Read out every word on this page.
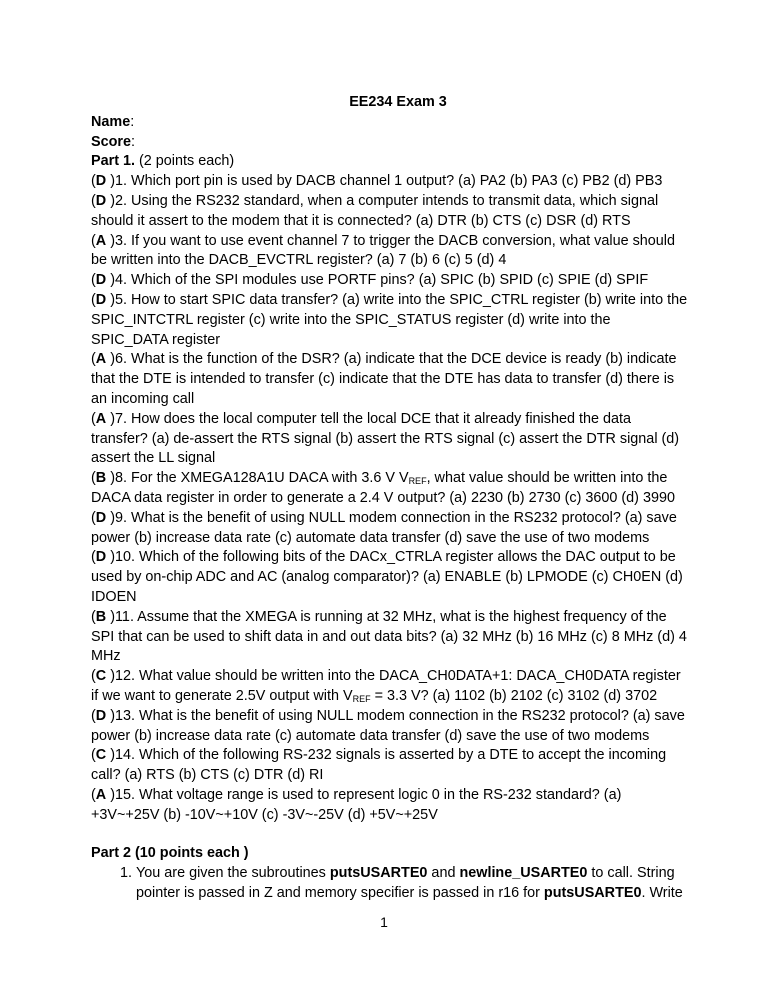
EE234 Exam 3

Name:

Score:

Part 1. (2 points each)

(D )1. Which port pin is used by DACB channel 1 output? (a) PA2 (b) PA3 (c) PB2 (d) PB3

(D )2. Using the RS232 standard, when a computer intends to transmit data, which signal should it assert to the modem that it is connected? (a) DTR (b) CTS (c) DSR (d) RTS

(A )3. If you want to use event channel 7 to trigger the DACB conversion, what value should be written into the DACB_EVCTRL register? (a) 7 (b) 6 (c) 5 (d) 4

(D )4. Which of the SPI modules use PORTF pins? (a) SPIC (b) SPID (c) SPIE (d) SPIF

(D )5. How to start SPIC data transfer? (a) write into the SPIC_CTRL register (b) write into the SPIC_INTCTRL register (c) write into the SPIC_STATUS register (d) write into the SPIC_DATA register

(A )6. What is the function of the DSR? (a) indicate that the DCE device is ready (b) indicate that the DTE is intended to transfer (c) indicate that the DTE has data to transfer (d) there is an incoming call

(A )7. How does the local computer tell the local DCE that it already finished the data transfer? (a) de-assert the RTS signal (b) assert the RTS signal (c) assert the DTR signal (d) assert the LL signal

(B )8. For the XMEGA128A1U DACA with 3.6 V $V_{REF}$, what value should be written into the DACA data register in order to generate a 2.4 V output? (a) 2230 (b) 2730 (c) 3600 (d) 3990

(D )9. What is the benefit of using NULL modem connection in the RS232 protocol? (a) save power (b) increase data rate (c) automate data transfer (d) save the use of two modems

(D )10. Which of the following bits of the DACx_CTRLA register allows the DAC output to be used by on-chip ADC and AC (analog comparator)? (a) ENABLE (b) LPMODE (c) CH0EN (d) IDOEN

(B )11. Assume that the XMEGA is running at 32 MHz, what is the highest frequency of the SPI that can be used to shift data in and out data bits? (a) 32 MHz (b) 16 MHz (c) 8 MHz (d) 4 MHz

(C )12. What value should be written into the DACA_CH0DATA+1: DACA_CH0DATA register if we want to generate 2.5V output with $V_{REF} = 3.3$ V? (a) 1102 (b) 2102 (c) 3102 (d) 3702

(D )13. What is the benefit of using NULL modem connection in the RS232 protocol? (a) save power (b) increase data rate (c) automate data transfer (d) save the use of two modems

(C )14. Which of the following RS-232 signals is asserted by a DTE to accept the incoming call? (a) RTS (b) CTS (c) DTR (d) RI

(A )15. What voltage range is used to represent logic 0 in the RS-232 standard? (a) +3V~+25V (b) -10V~+10V (c) -3V~-25V (d) +5V~+25V

Part 2 (10 points each )

1. You are given the subroutines putsUSARTE0 and newline_USARTE0 to call. String pointer is passed in Z and memory specifier is passed in r16 for putsUSARTE0. Write
1
